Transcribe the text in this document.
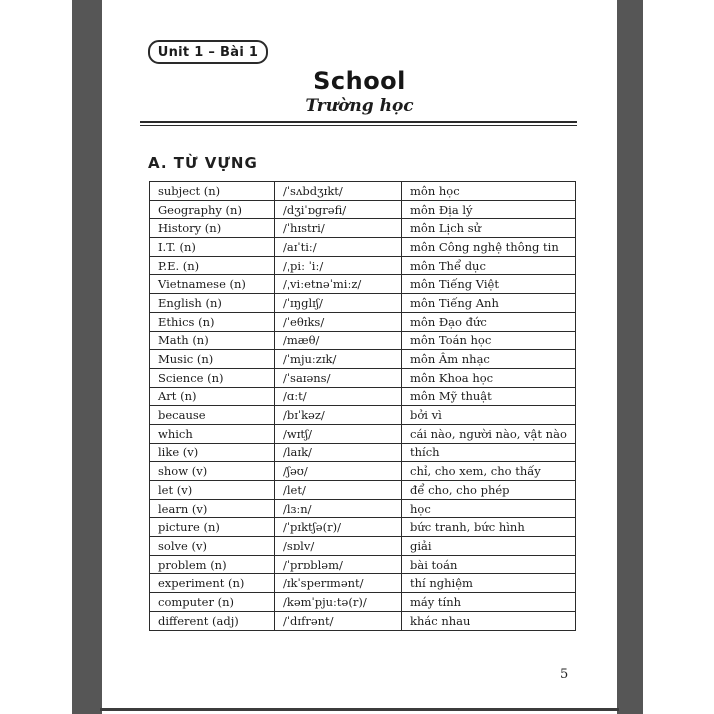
Unit 1 – Bài 1
School
Trường học
A. TỪ VỰNG
subject (n)	/ˈsʌbdʒɪkt/	môn học
Geography (n)	/dʒiˈɒgrəfi/	môn Địa lý
History (n)	/ˈhɪstri/	môn Lịch sử
I.T. (n)	/aɪˈtiː/	môn Công nghệ thông tin
P.E. (n)	/ˌpiː ˈiː/	môn Thể dục
Vietnamese (n)	/ˌviːetnəˈmiːz/	môn Tiếng Việt
English (n)	/ˈɪŋglɪʃ/	môn Tiếng Anh
Ethics (n)	/ˈeθɪks/	môn Đạo đức
Math (n)	/mæθ/	môn Toán học
Music (n)	/ˈmjuːzɪk/	môn Âm nhạc
Science (n)	/ˈsaɪəns/	môn Khoa học
Art (n)	/ɑːt/	môn Mỹ thuật
because	/bɪˈkəz/	bởi vì
which	/wɪtʃ/	cái nào, người nào, vật nào
like (v)	/laɪk/	thích
show (v)	/ʃəʊ/	chỉ, cho xem, cho thấy
let (v)	/let/	để cho, cho phép
learn (v)	/lɜːn/	học
picture (n)	/ˈpɪktʃə(r)/	bức tranh, bức hình
solve (v)	/sɒlv/	giải
problem (n)	/ˈprɒbləm/	bài toán
experiment (n)	/ɪkˈsperɪmənt/	thí nghiệm
computer (n)	/kəmˈpjuːtə(r)/	máy tính
different (adj)	/ˈdɪfrənt/	khác nhau
5
